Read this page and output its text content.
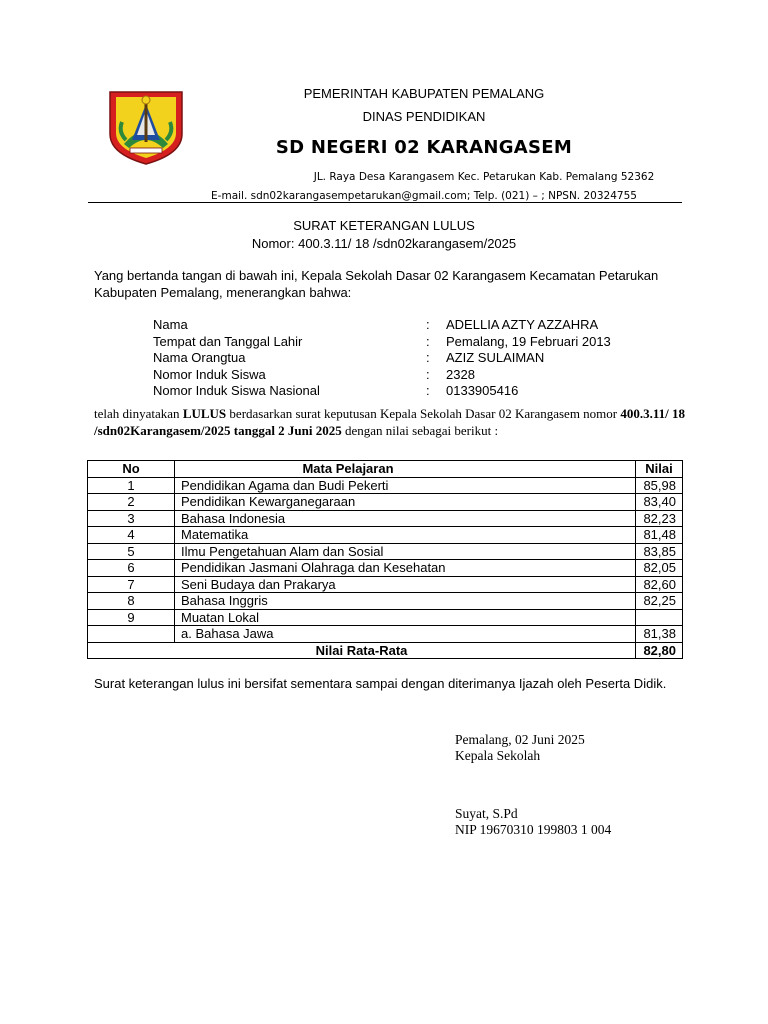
PEMERINTAH KABUPATEN PEMALANG
DINAS PENDIDIKAN
SD NEGERI 02 KARANGASEM
JL. Raya Desa Karangasem Kec. Petarukan Kab. Pemalang 52362
E-mail. sdn02karangasempetarukan@gmail.com; Telp. (021) – ; NPSN. 20324755
SURAT KETERANGAN LULUS
Nomor: 400.3.11/ 18 /sdn02karangasem/2025
Yang bertanda tangan di bawah ini, Kepala Sekolah Dasar 02 Karangasem Kecamatan Petarukan Kabupaten Pemalang, menerangkan bahwa:
Nama	: ADELLIA AZTY AZZAHRA
Tempat dan Tanggal Lahir	: Pemalang, 19 Februari 2013
Nama Orangtua	: AZIZ SULAIMAN
Nomor Induk Siswa	: 2328
Nomor Induk Siswa Nasional	: 0133905416
telah dinyatakan LULUS berdasarkan surat keputusan Kepala Sekolah Dasar 02 Karangasem nomor 400.3.11/ 18 /sdn02Karangasem/2025 tanggal 2 Juni 2025 dengan nilai sebagai berikut :
No	Mata Pelajaran	Nilai
1	Pendidikan Agama dan Budi Pekerti	85,98
2	Pendidikan Kewarganegaraan	83,40
3	Bahasa Indonesia	82,23
4	Matematika	81,48
5	Ilmu Pengetahuan Alam dan Sosial	83,85
6	Pendidikan Jasmani Olahraga dan Kesehatan	82,05
7	Seni Budaya dan Prakarya	82,60
8	Bahasa Inggris	82,25
9	Muatan Lokal	
	a. Bahasa Jawa	81,38
Nilai Rata-Rata		82,80
Surat keterangan lulus ini bersifat sementara sampai dengan diterimanya Ijazah oleh Peserta Didik.
Pemalang, 02 Juni 2025
Kepala Sekolah
Suyat, S.Pd
NIP 19670310 199803 1 004
